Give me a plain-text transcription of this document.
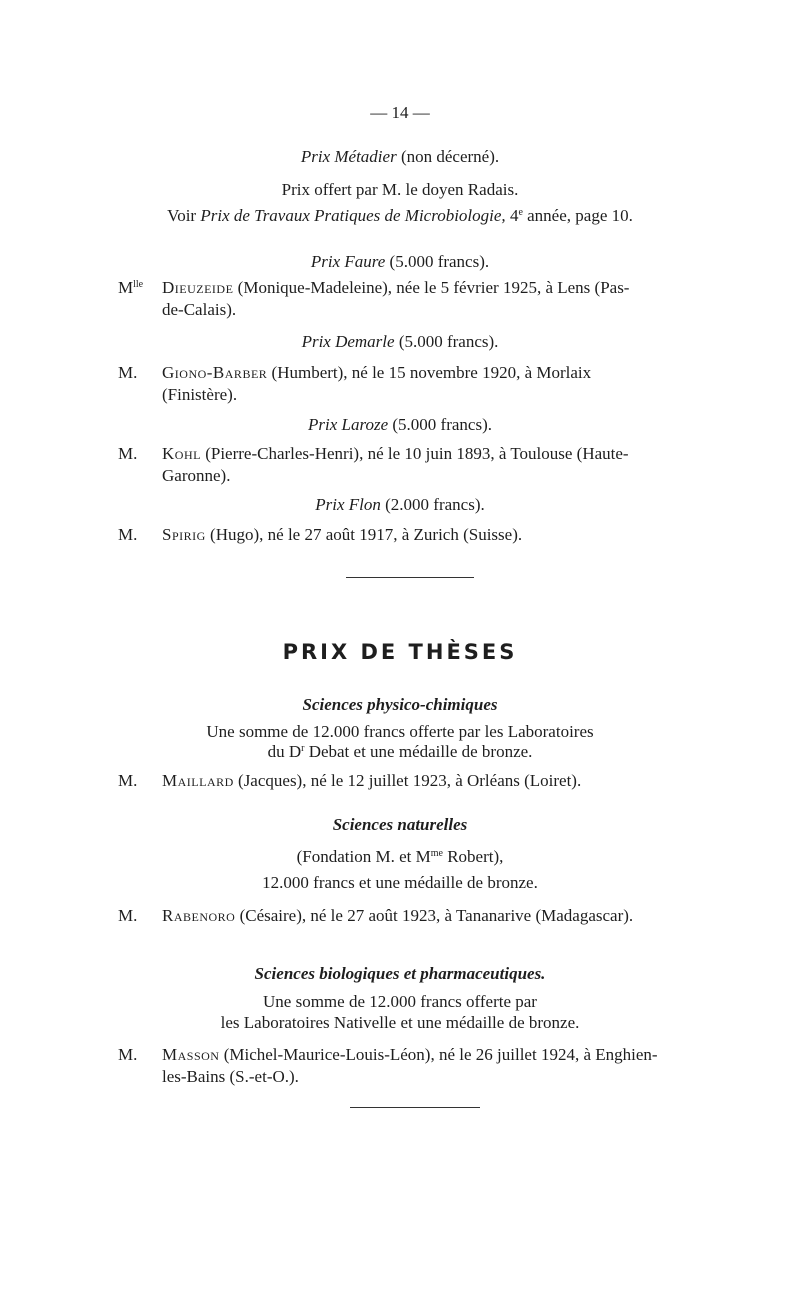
— 14 —
Prix Métadier (non décerné).
Prix offert par M. le doyen Radais.
Voir Prix de Travaux Pratiques de Microbiologie, 4e année, page 10.
Prix Faure (5.000 francs).
$M^{lle}$ Dieuzeide (Monique-Madeleine), née le 5 février 1925, à Lens (Pas-
de-Calais).
Prix Demarle (5.000 francs).
M. Giono-Barber (Humbert), né le 15 novembre 1920, à Morlaix
(Finistère).
Prix Laroze (5.000 francs).
M. Kohl (Pierre-Charles-Henri), né le 10 juin 1893, à Toulouse (Haute-
Garonne).
Prix Flon (2.000 francs).
M. Spirig (Hugo), né le 27 août 1917, à Zurich (Suisse).
PRIX DE THÈSES
Sciences physico-chimiques
Une somme de 12.000 francs offerte par les Laboratoires
du $D^r$ Debat et une médaille de bronze.
M. Maillard (Jacques), né le 12 juillet 1923, à Orléans (Loiret).
Sciences naturelles
(Fondation M. et $M^{me}$ Robert),
12.000 francs et une médaille de bronze.
M. Rabenoro (Césaire), né le 27 août 1923, à Tananarive (Madagascar).
Sciences biologiques et pharmaceutiques.
Une somme de 12.000 francs offerte par
les Laboratoires Nativelle et une médaille de bronze.
M. Masson (Michel-Maurice-Louis-Léon), né le 26 juillet 1924, à Enghien-
les-Bains (S.-et-O.).
